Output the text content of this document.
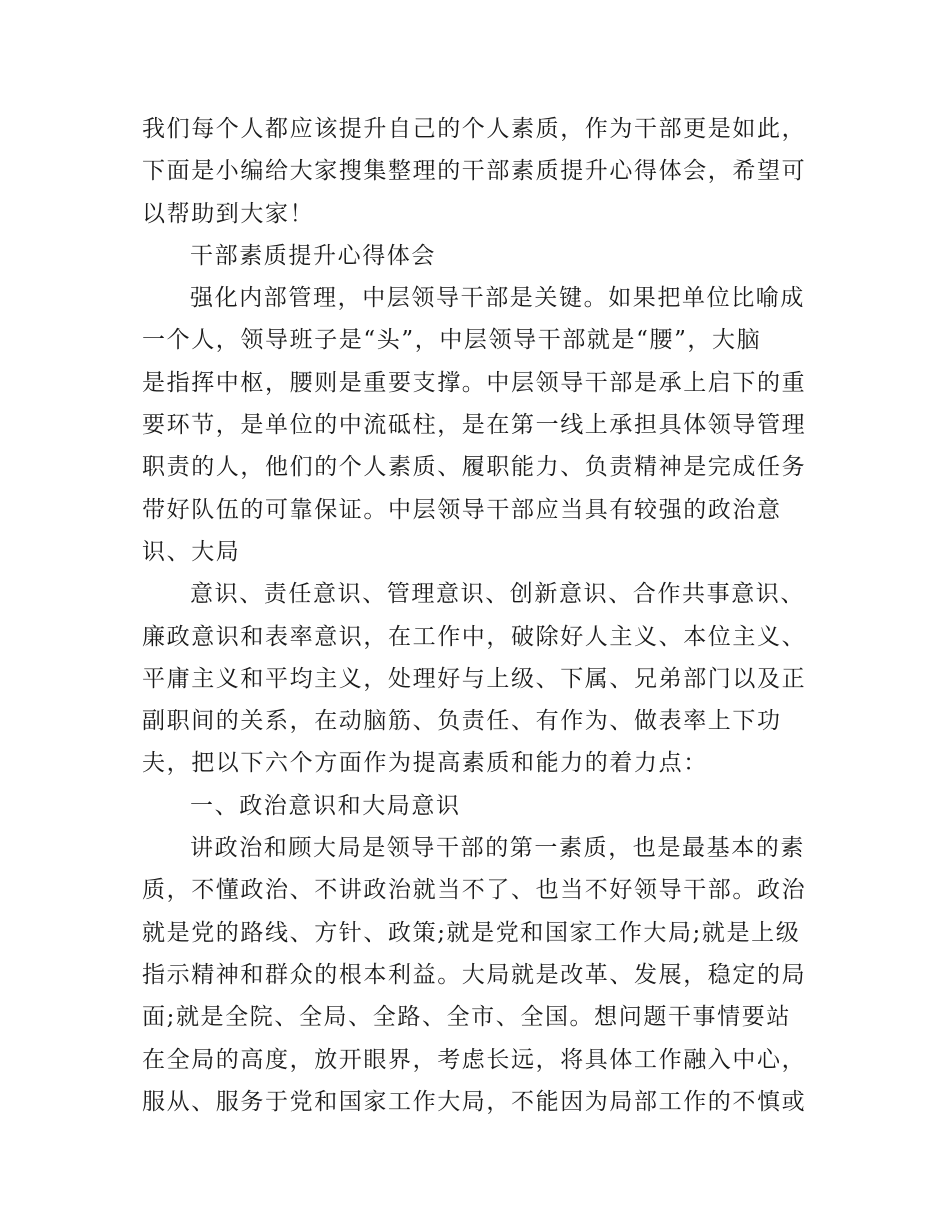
我们每个人都应该提升自己的个人素质，作为干部更是如此，
下面是小编给大家搜集整理的干部素质提升心得体会，希望可
以帮助到大家！
干部素质提升心得体会
强化内部管理，中层领导干部是关键。如果把单位比喻成
一个人，领导班子是“头”，中层领导干部就是“腰”，大脑
是指挥中枢，腰则是重要支撑。中层领导干部是承上启下的重
要环节，是单位的中流砥柱，是在第一线上承担具体领导管理
职责的人，他们的个人素质、履职能力、负责精神是完成任务
带好队伍的可靠保证。中层领导干部应当具有较强的政治意
识、大局
意识、责任意识、管理意识、创新意识、合作共事意识、
廉政意识和表率意识，在工作中，破除好人主义、本位主义、
平庸主义和平均主义，处理好与上级、下属、兄弟部门以及正
副职间的关系，在动脑筋、负责任、有作为、做表率上下功
夫，把以下六个方面作为提高素质和能力的着力点：
一、政治意识和大局意识
讲政治和顾大局是领导干部的第一素质，也是最基本的素
质，不懂政治、不讲政治就当不了、也当不好领导干部。政治
就是党的路线、方针、政策;就是党和国家工作大局;就是上级
指示精神和群众的根本利益。大局就是改革、发展，稳定的局
面;就是全院、全局、全路、全市、全国。想问题干事情要站
在全局的高度，放开眼界，考虑长远，将具体工作融入中心，
服从、服务于党和国家工作大局，不能因为局部工作的不慎或
